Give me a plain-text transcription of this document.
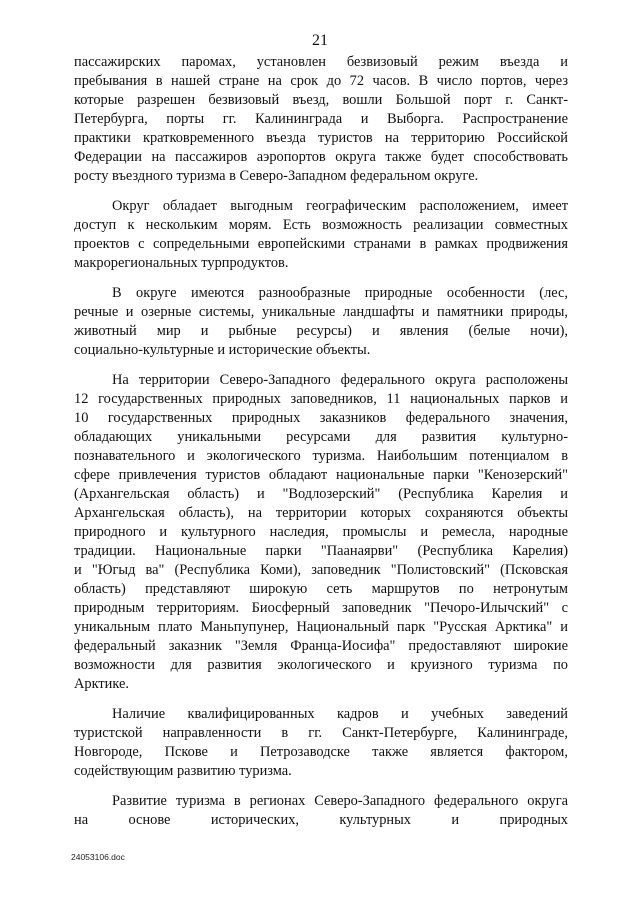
21
пассажирских паромах, установлен безвизовый режим въезда и
пребывания в нашей стране на срок до 72 часов. В число портов, через
которые разрешен безвизовый въезд, вошли Большой порт г. Санкт-
Петербурга, порты гг. Калининграда и Выборга. Распространение
практики кратковременного въезда туристов на территорию Российской
Федерации на пассажиров аэропортов округа также будет способствовать
росту въездного туризма в Северо-Западном федеральном округе.
Округ обладает выгодным географическим расположением, имеет
доступ к нескольким морям. Есть возможность реализации совместных
проектов с сопредельными европейскими странами в рамках продвижения
макрорегиональных турпродуктов.
В округе имеются разнообразные природные особенности (лес,
речные и озерные системы, уникальные ландшафты и памятники природы,
животный мир и рыбные ресурсы) и явления (белые ночи),
социально-культурные и исторические объекты.
На территории Северо-Западного федерального округа расположены
12 государственных природных заповедников, 11 национальных парков и
10 государственных природных заказников федерального значения,
обладающих уникальными ресурсами для развития культурно-
познавательного и экологического туризма. Наибольшим потенциалом в
сфере привлечения туристов обладают национальные парки "Кенозерский"
(Архангельская область) и "Водлозерский" (Республика Карелия и
Архангельская область), на территории которых сохраняются объекты
природного и культурного наследия, промыслы и ремесла, народные
традиции. Национальные парки "Паанаярви" (Республика Карелия)
и "Югыд ва" (Республика Коми), заповедник "Полистовский" (Псковская
область) представляют широкую сеть маршрутов по нетронутым
природным территориям. Биосферный заповедник "Печоро-Илычский" с
уникальным плато Маньпупунер, Национальный парк "Русская Арктика" и
федеральный заказник "Земля Франца-Иосифа" предоставляют широкие
возможности для развития экологического и круизного туризма по
Арктике.
Наличие квалифицированных кадров и учебных заведений
туристской направленности в гг. Санкт-Петербурге, Калининграде,
Новгороде, Пскове и Петрозаводске также является фактором,
содействующим развитию туризма.
Развитие туризма в регионах Северо-Западного федерального округа
на основе исторических, культурных и природных
24053106.doc
